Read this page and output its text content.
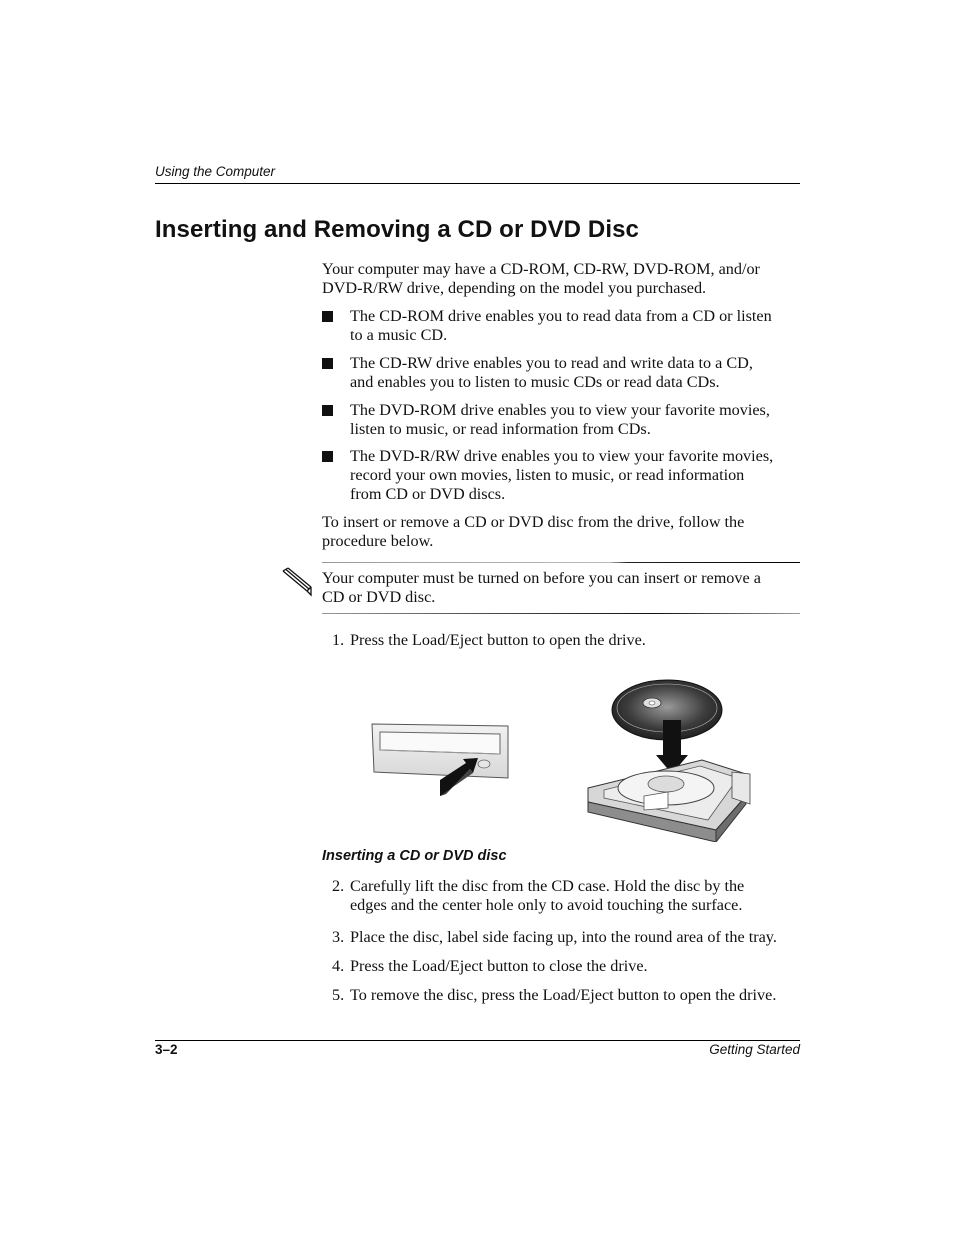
Using the Computer
Inserting and Removing a CD or DVD Disc
Your computer may have a CD-ROM, CD-RW, DVD-ROM, and/or
DVD-R/RW drive, depending on the model you purchased.
The CD-ROM drive enables you to read data from a CD or listen
to a music CD.
The CD-RW drive enables you to read and write data to a CD,
and enables you to listen to music CDs or read data CDs.
The DVD-ROM drive enables you to view your favorite movies,
listen to music, or read information from CDs.
The DVD-R/RW drive enables you to view your favorite movies,
record your own movies, listen to music, or read information
from CD or DVD discs.
To insert or remove a CD or DVD disc from the drive, follow the
procedure below.
Your computer must be turned on before you can insert or remove a
CD or DVD disc.
1. Press the Load/Eject button to open the drive.
Inserting a CD or DVD disc
2. Carefully lift the disc from the CD case. Hold the disc by the
edges and the center hole only to avoid touching the surface.
3. Place the disc, label side facing up, into the round area of the tray.
4. Press the Load/Eject button to close the drive.
5. To remove the disc, press the Load/Eject button to open the drive.
3–2	Getting Started
